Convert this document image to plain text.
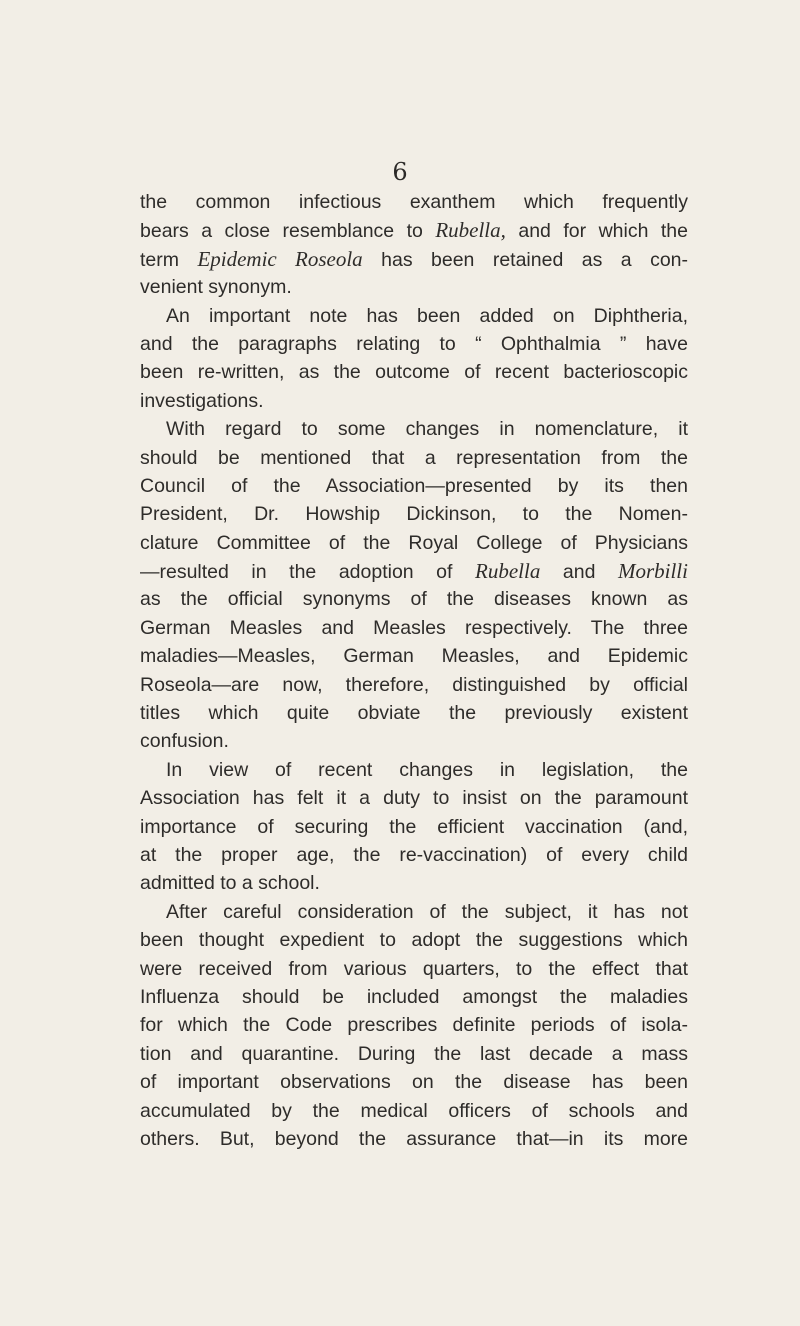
6
the common infectious exanthem which frequently
bears a close resemblance to Rubella, and for which the
term Epidemic Roseola has been retained as a con-
venient synonym.
An important note has been added on Diphtheria,
and the paragraphs relating to “ Ophthalmia ” have
been re-written, as the outcome of recent bacterioscopic
investigations.
With regard to some changes in nomenclature, it
should be mentioned that a representation from the
Council of the Association—presented by its then
President, Dr. Howship Dickinson, to the Nomen-
clature Committee of the Royal College of Physicians
—resulted in the adoption of Rubella and Morbilli
as the official synonyms of the diseases known as
German Measles and Measles respectively. The three
maladies—Measles, German Measles, and Epidemic
Roseola—are now, therefore, distinguished by official
titles which quite obviate the previously existent
confusion.
In view of recent changes in legislation, the
Association has felt it a duty to insist on the paramount
importance of securing the efficient vaccination (and,
at the proper age, the re-vaccination) of every child
admitted to a school.
After careful consideration of the subject, it has not
been thought expedient to adopt the suggestions which
were received from various quarters, to the effect that
Influenza should be included amongst the maladies
for which the Code prescribes definite periods of isola-
tion and quarantine. During the last decade a mass
of important observations on the disease has been
accumulated by the medical officers of schools and
others. But, beyond the assurance that—in its more
